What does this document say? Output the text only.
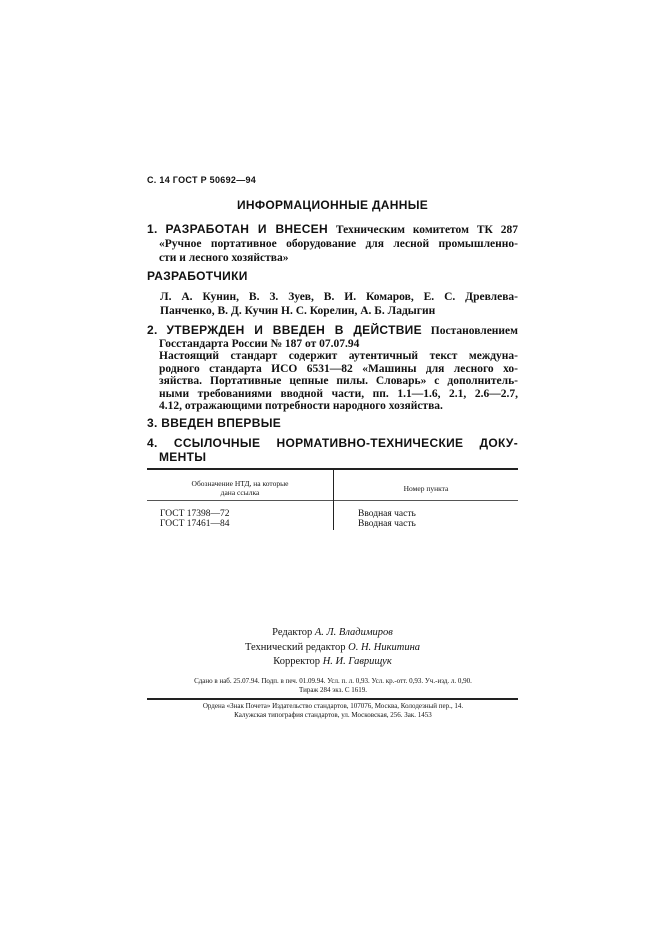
С. 14 ГОСТ Р 50692—94
ИНФОРМАЦИОННЫЕ ДАННЫЕ
1. РАЗРАБОТАН И ВНЕСЕН Техническим комитетом ТК 287
«Ручное портативное оборудование для лесной промышленно-
сти и лесного хозяйства»
РАЗРАБОТЧИКИ
Л. А. Кунин, В. З. Зуев, В. И. Комаров, Е. С. Древлева-
Панченко, В. Д. Кучин Н. С. Корелин, А. Б. Ладыгин
2. УТВЕРЖДЕН И ВВЕДЕН В ДЕЙСТВИЕ Постановлением
Госстандарта России № 187 от 07.07.94
Настоящий стандарт содержит аутентичный текст междуна-
родного стандарта ИСО 6531—82 «Машины для лесного хо-
зяйства. Портативные цепные пилы. Словарь» с дополнитель-
ными требованиями вводной части, пп. 1.1—1.6, 2.1, 2.6—2.7,
4.12, отражающими потребности народного хозяйства.
3. ВВЕДЕН ВПЕРВЫЕ
4. ССЫЛОЧНЫЕ НОРМАТИВНО-ТЕХНИЧЕСКИЕ ДОКУ-
МЕНТЫ
Обозначение НТД, на которые
дана ссылка	Номер пункта
ГОСТ 17398—72
ГОСТ 17461—84
Вводная часть
Вводная часть
Редактор А. Л. Владимиров
Технический редактор О. Н. Никитина
Корректор Н. И. Гаврищук
Сдано в наб. 25.07.94. Подп. в печ. 01.09.94. Усл. п. л. 0,93. Усл. кр.-отт. 0,93. Уч.-изд. л. 0,90.
Тираж 284 экз. С 1619.
Ордена «Знак Почета» Издательство стандартов, 107076, Москва, Колодезный пер., 14.
Калужская типография стандартов, ул. Московская, 256. Зак. 1453
